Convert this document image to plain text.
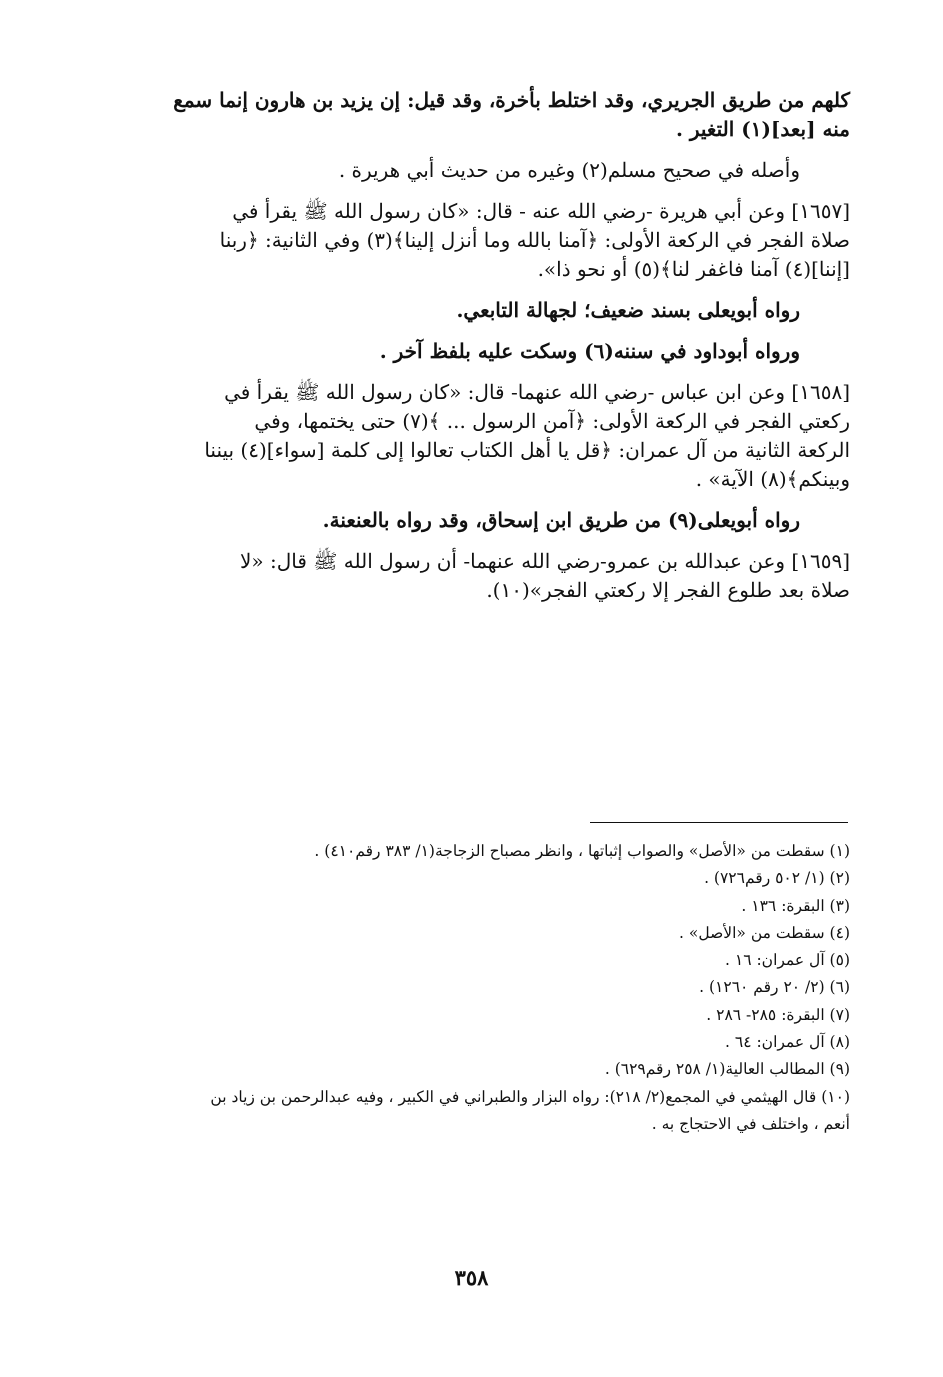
كلهم من طريق الجريري، وقد اختلط بأخرة، وقد قيل: إن يزيد بن هارون إنما سمع
منه [بعد](١) التغير .
وأصله في صحيح مسلم(٢) وغيره من حديث أبي هريرة .
[١٦٥٧] وعن أبي هريرة -رضي الله عنه - قال: «كان رسول الله ﷺ يقرأ في
صلاة الفجر في الركعة الأولى: ﴿آمنا بالله وما أنزل إلينا﴾(٣) وفي الثانية: ﴿ربنا
[إننا](٤) آمنا فاغفر لنا﴾(٥) أو نحو ذا».
رواه أبويعلى بسند ضعيف؛ لجهالة التابعي.
ورواه أبوداود في سننه(٦) وسكت عليه بلفظ آخر .
[١٦٥٨] وعن ابن عباس -رضي الله عنهما- قال: «كان رسول الله ﷺ يقرأ في
ركعتي الفجر في الركعة الأولى: ﴿آمن الرسول ... ﴾(٧) حتى يختمها، وفي
الركعة الثانية من آل عمران: ﴿قل يا أهل الكتاب تعالوا إلى كلمة [سواء](٤) بيننا
وبينكم﴾(٨) الآية» .
رواه أبويعلى(٩) من طريق ابن إسحاق، وقد رواه بالعنعنة.
[١٦٥٩] وعن عبدالله بن عمرو-رضي الله عنهما- أن رسول الله ﷺ قال: «لا
صلاة بعد طلوع الفجر إلا ركعتي الفجر»(١٠).
(١) سقطت من «الأصل» والصواب إثباتها ، وانظر مصباح الزجاجة(١/ ٣٨٣ رقم٤١٠) .
(٢) (١/ ٥٠٢ رقم٧٢٦) .
(٣) البقرة: ١٣٦ .
(٤) سقطت من «الأصل» .
(٥) آل عمران: ١٦ .
(٦) (٢/ ٢٠ رقم ١٢٦٠) .
(٧) البقرة: ٢٨٥- ٢٨٦ .
(٨) آل عمران: ٦٤ .
(٩) المطالب العالية(١/ ٢٥٨ رقم٦٢٩) .
(١٠) قال الهيثمي في المجمع(٢/ ٢١٨): رواه البزار والطبراني في الكبير ، وفيه عبدالرحمن بن زياد بن
أنعم ، واختلف في الاحتجاج به .
٣٥٨
